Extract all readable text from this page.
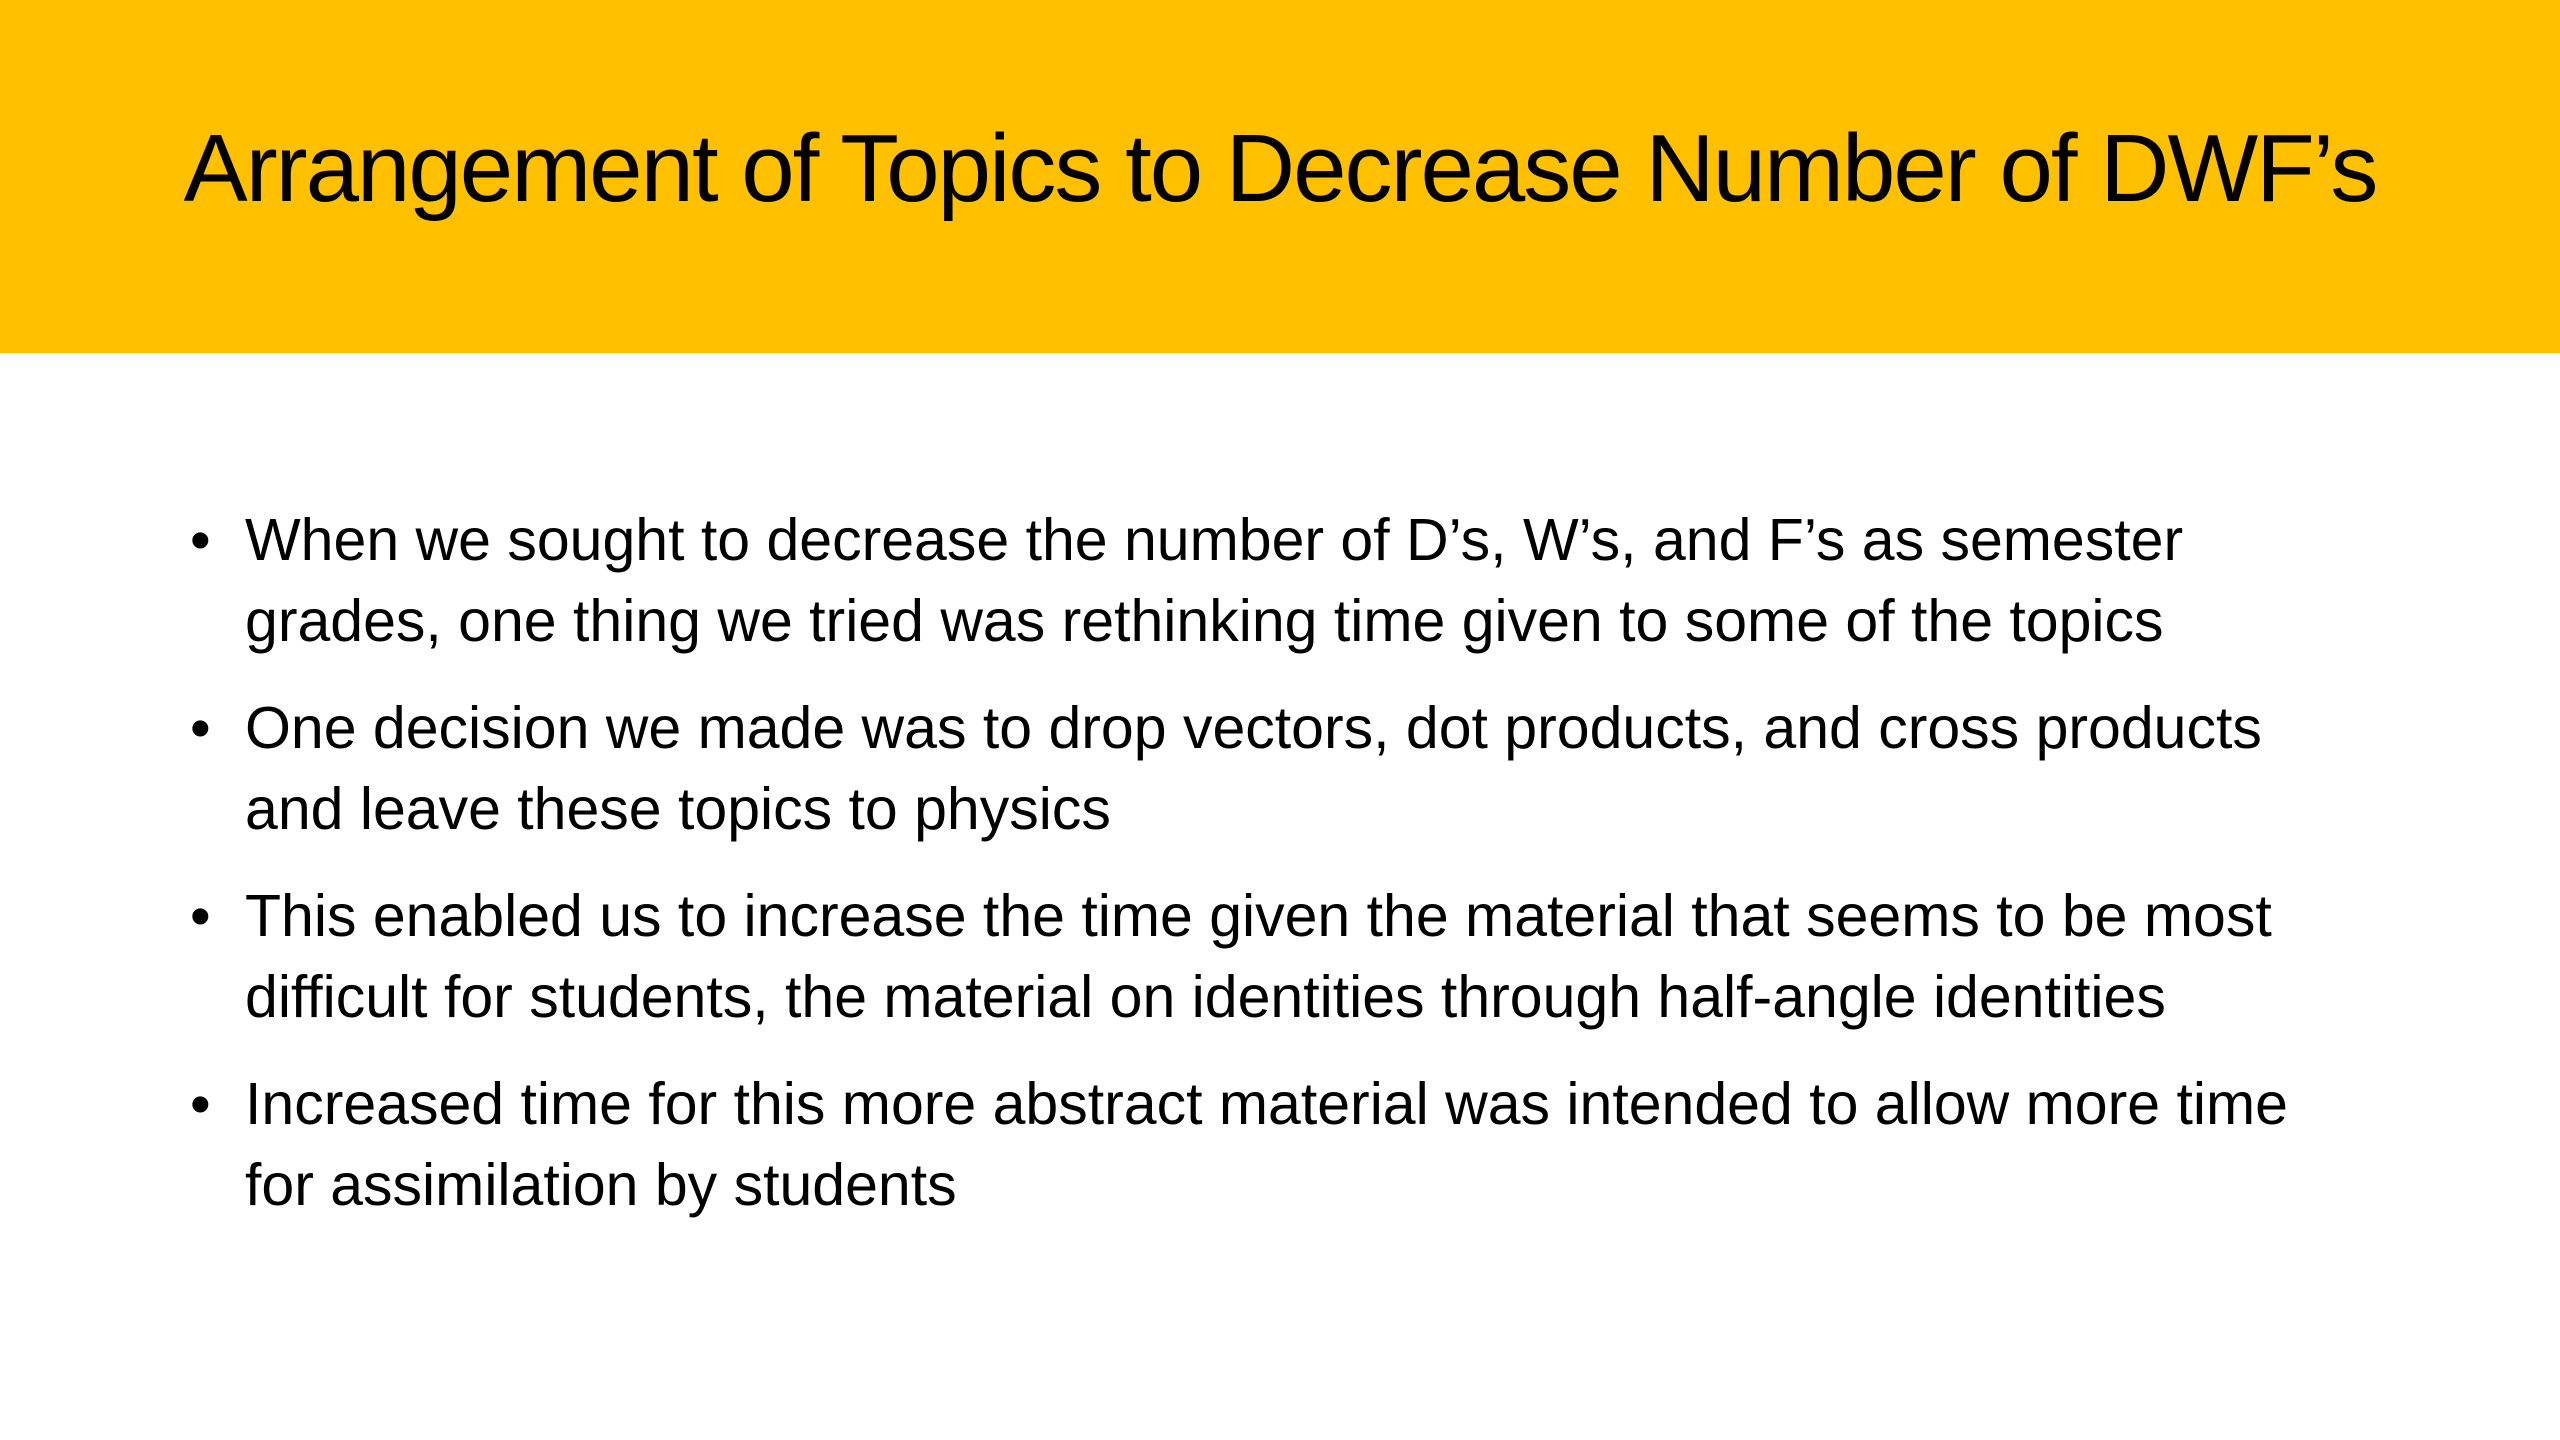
Arrangement of Topics to Decrease Number of DWF’s
• When we sought to decrease the number of D’s, W’s, and F’s as semester grades, one thing we tried was rethinking time given to some of the topics
• One decision we made was to drop vectors, dot products, and cross products and leave these topics to physics
• This enabled us to increase the time given the material that seems to be most difficult for students, the material on identities through half-angle identities
• Increased time for this more abstract material was intended to allow more time for assimilation by students
